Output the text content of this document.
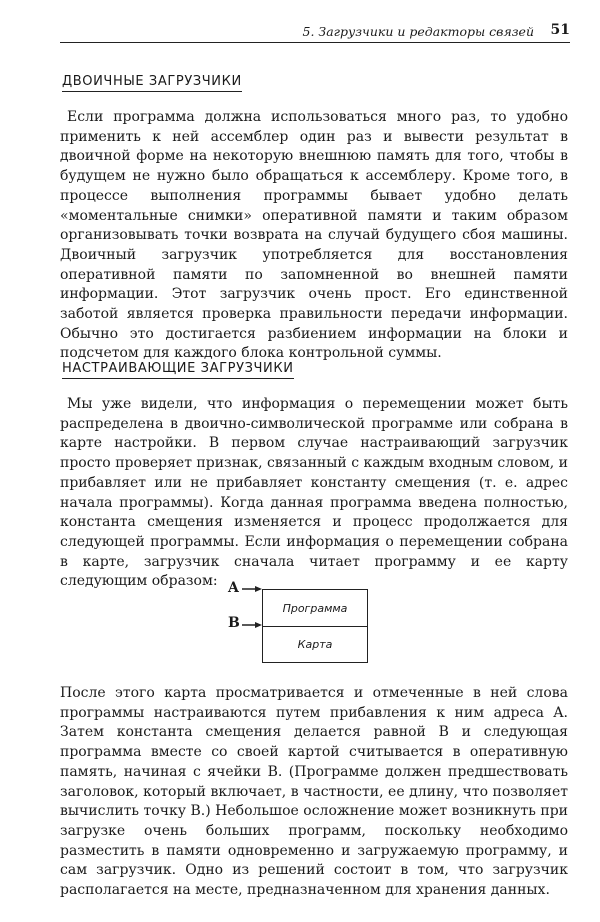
5. Загрузчики и редакторы связей 51
ДВОИЧНЫЕ ЗАГРУЗЧИКИ

Если программа должна использоваться много раз, то удобно применить к ней ассемблер один раз и вывести результат в двоичной форме на некоторую внешнюю память для того, чтобы в будущем не нужно было обращаться к ассемблеру. Кроме того, в процессе выполнения программы бывает удобно делать «моментальные снимки» оперативной памяти и таким образом организовывать точки возврата на случай будущего сбоя машины. Двоичный загрузчик употребляется для восстановления оперативной памяти по запомненной во внешней памяти информации. Этот загрузчик очень прост. Его единственной заботой является проверка правильности передачи информации. Обычно это достигается разбиением информации на блоки и подсчетом для каждого блока контрольной суммы.

НАСТРАИВАЮЩИЕ ЗАГРУЗЧИКИ

Мы уже видели, что информация о перемещении может быть распределена в двоично-символической программе или собрана в карте настройки. В первом случае настраивающий загрузчик просто проверяет признак, связанный с каждым входным словом, и прибавляет или не прибавляет константу смещения (т. е. адрес начала программы). Когда данная программа введена полностью, константа смещения изменяется и процесс продолжается для следующей программы. Если информация о перемещении собрана в карте, загрузчик сначала читает программу и ее карту следующим образом: A
B
Программа
Карта

После этого карта просматривается и отмеченные в ней слова программы настраиваются путем прибавления к ним адреса A. Затем константа смещения делается равной B и следующая программа вместе со своей картой считывается в оперативную память, начиная с ячейки B. (Программе должен предшествовать заголовок, который включает, в частности, ее длину, что позволяет вычислить точку B.) Небольшое осложнение может возникнуть при загрузке очень больших программ, поскольку необходимо разместить в памяти одновременно и загружаемую программу, и сам загрузчик. Одно из решений состоит в том, что загрузчик располагается на месте, предназначенном для хранения данных.
